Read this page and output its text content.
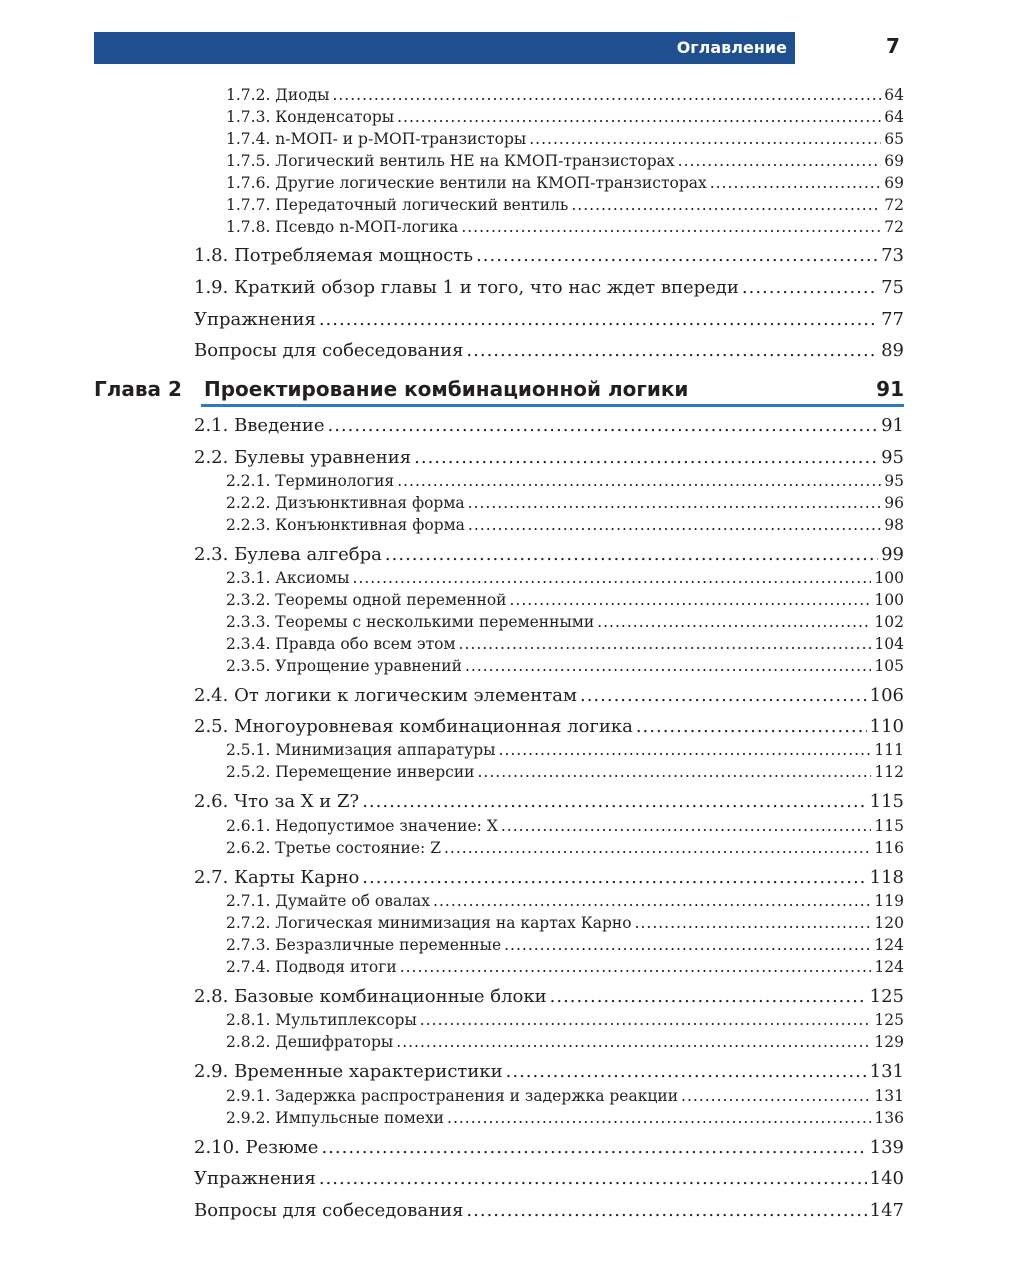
Оглавление	7
Глава 2 Проектирование комбинационной логики	91
1.7.2. Диоды .....	64
1.7.3. Конденсаторы .....	64
1.7.4. n-МОП- и p-МОП-транзисторы .....	65
1.7.5. Логический вентиль НЕ на КМОП-транзисторах .....	69
1.7.6. Другие логические вентили на КМОП-транзисторах .....	69
1.7.7. Передаточный логический вентиль .....	72
1.7.8. Псевдо n-МОП-логика .....	72
1.8. Потребляемая мощность .....	73
1.9. Краткий обзор главы 1 и того, что нас ждет впереди .....	75
Упражнения .....	77
Вопросы для собеседования .....	89
2.1. Введение .....	91
2.2. Булевы уравнения .....	95
2.2.1. Терминология .....	95
2.2.2. Дизъюнктивная форма .....	96
2.2.3. Конъюнктивная форма .....	98
2.3. Булева алгебра .....	99
2.3.1. Аксиомы .....	100
2.3.2. Теоремы одной переменной .....	100
2.3.3. Теоремы с несколькими переменными .....	102
2.3.4. Правда обо всем этом .....	104
2.3.5. Упрощение уравнений .....	105
2.4. От логики к логическим элементам .....	106
2.5. Многоуровневая комбинационная логика .....	110
2.5.1. Минимизация аппаратуры .....	111
2.5.2. Перемещение инверсии .....	112
2.6. Что за X и Z? .....	115
2.6.1. Недопустимое значение: X .....	115
2.6.2. Третье состояние: Z .....	116
2.7. Карты Карно .....	118
2.7.1. Думайте об овалах .....	119
2.7.2. Логическая минимизация на картах Карно .....	120
2.7.3. Безразличные переменные .....	124
2.7.4. Подводя итоги .....	124
2.8. Базовые комбинационные блоки .....	125
2.8.1. Мультиплексоры .....	125
2.8.2. Дешифраторы .....	129
2.9. Временные характеристики .....	131
2.9.1. Задержка распространения и задержка реакции .....	131
2.9.2. Импульсные помехи .....	136
2.10. Резюме .....	139
Упражнения .....	140
Вопросы для собеседования .....	147
